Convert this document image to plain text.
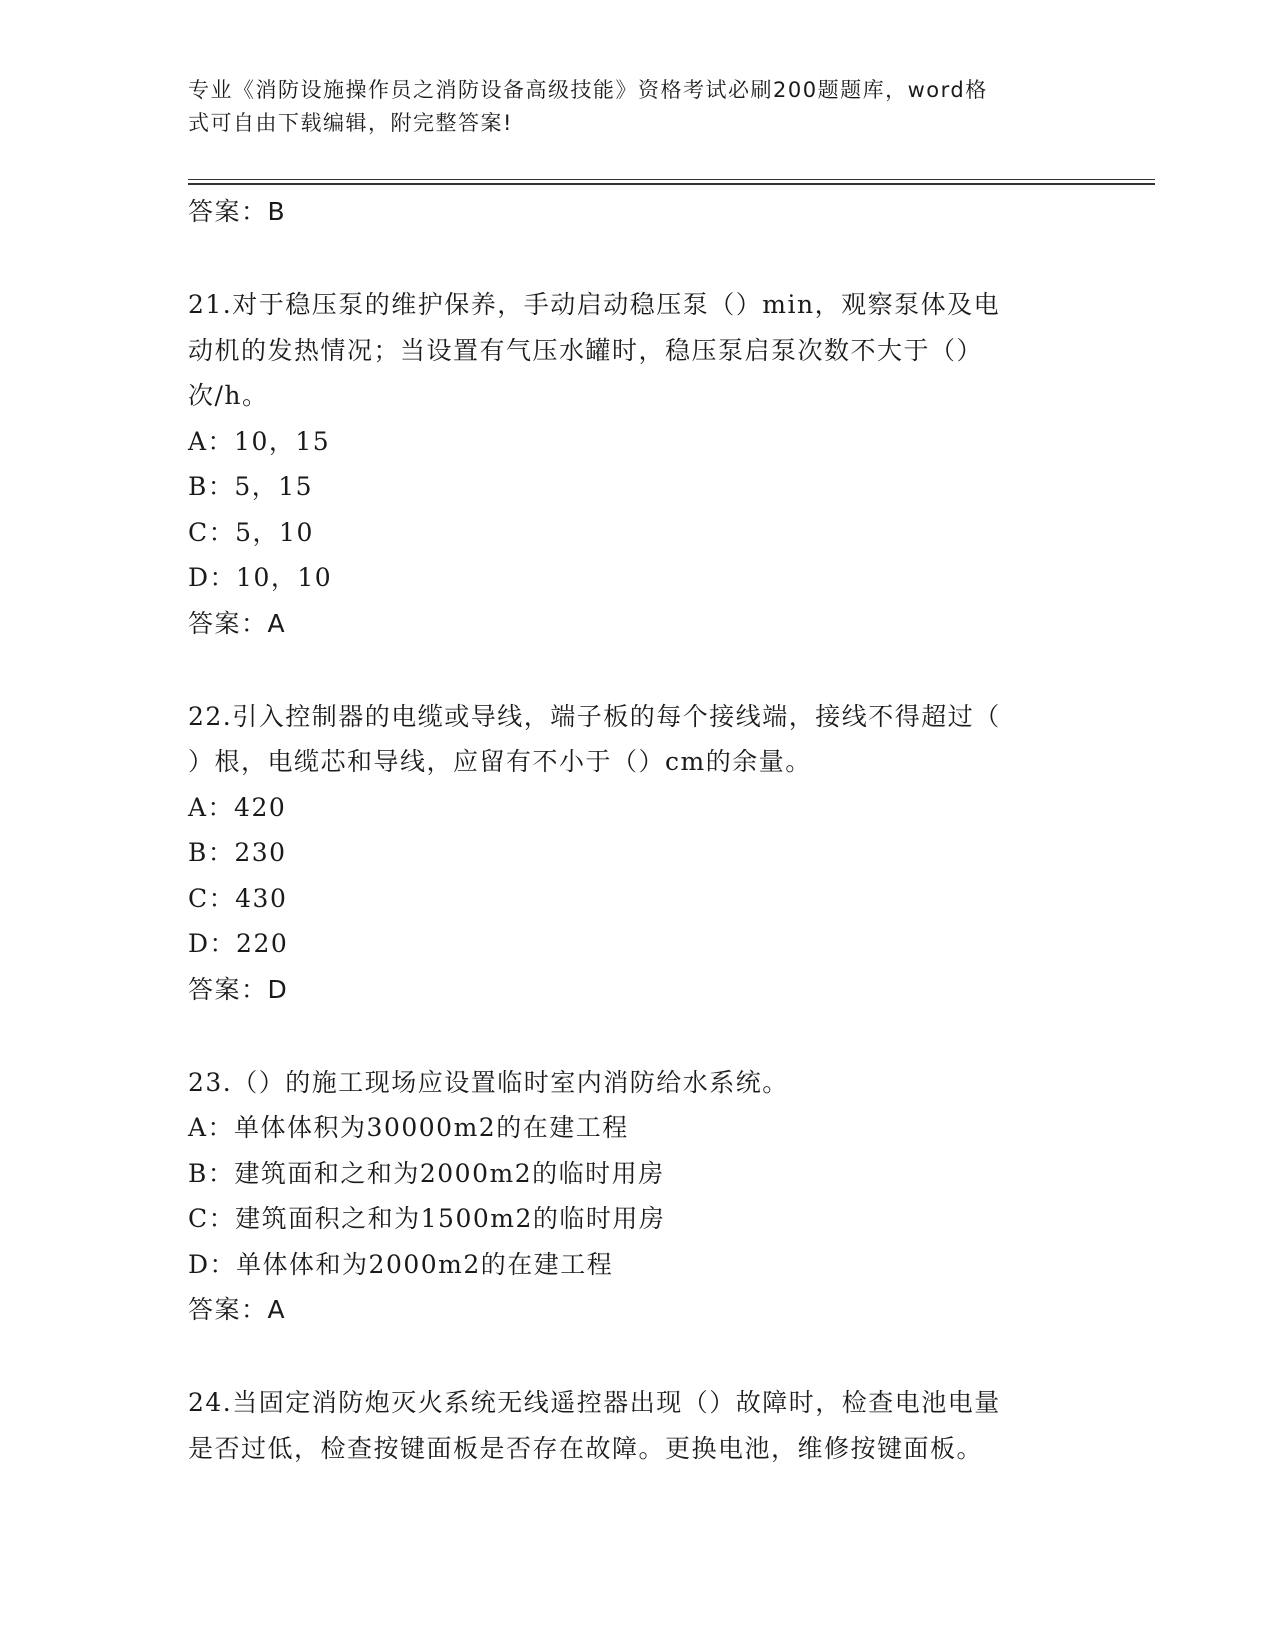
专业《消防设施操作员之消防设备高级技能》资格考试必刷200题题库，word格
式可自由下载编辑，附完整答案!
答案：B
21.对于稳压泵的维护保养，手动启动稳压泵（）min，观察泵体及电
动机的发热情况；当设置有气压水罐时，稳压泵启泵次数不大于（）
次/h。
A：10，15
B：5，15
C：5，10
D：10，10
答案：A
22.引入控制器的电缆或导线，端子板的每个接线端，接线不得超过（
）根，电缆芯和导线，应留有不小于（）cm的余量。
A：420
B：230
C：430
D：220
答案：D
23.（）的施工现场应设置临时室内消防给水系统。
A：单体体积为30000m2的在建工程
B：建筑面和之和为2000m2的临时用房
C：建筑面积之和为1500m2的临时用房
D：单体体和为2000m2的在建工程
答案：A
24.当固定消防炮灭火系统无线遥控器出现（）故障时，检查电池电量
是否过低，检查按键面板是否存在故障。更换电池，维修按键面板。
